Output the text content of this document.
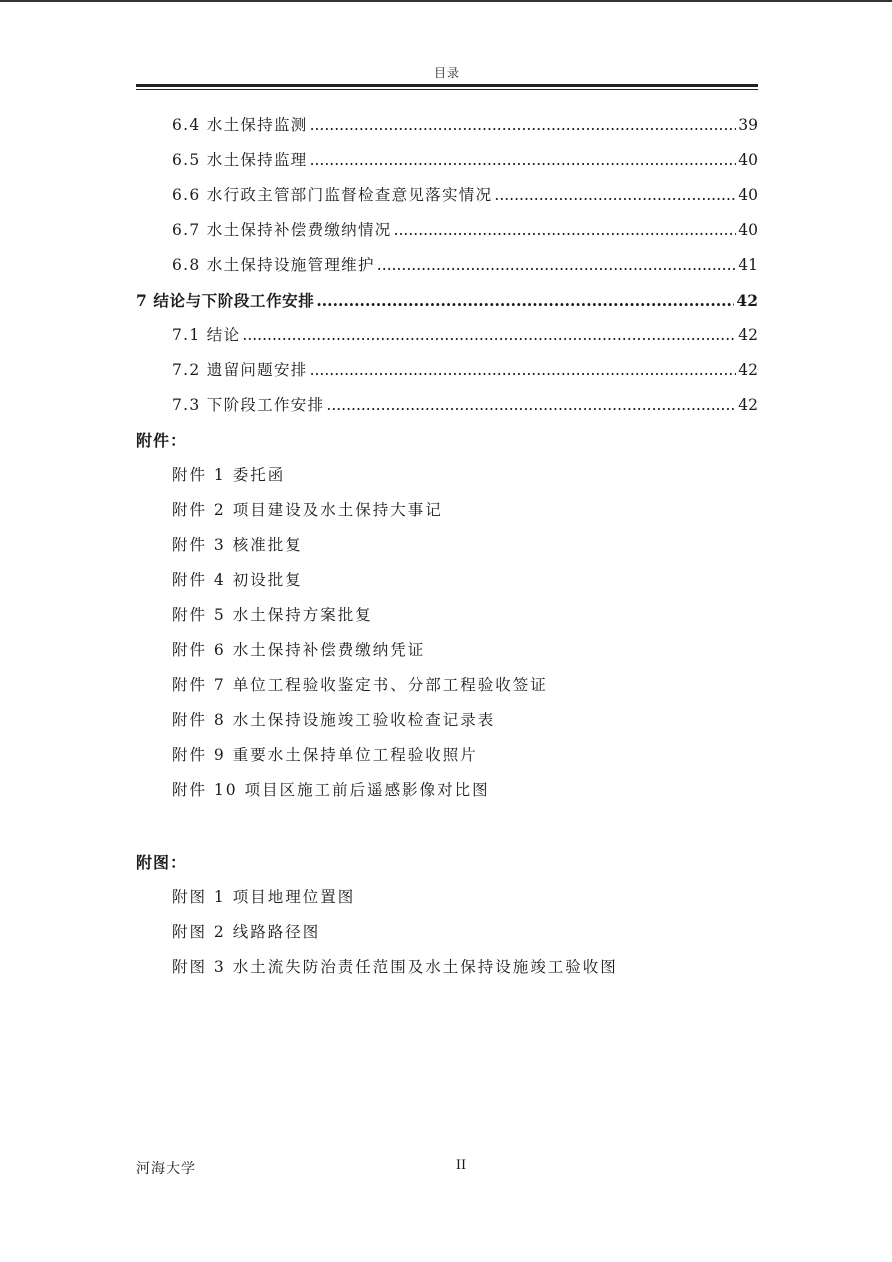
目录
6.4 水土保持监测 .....	39
6.5 水土保持监理 .....	40
6.6 水行政主管部门监督检查意见落实情况 .....	40
6.7 水土保持补偿费缴纳情况 .....	40
6.8 水土保持设施管理维护 .....	41
7 结论与下阶段工作安排 .....	42
7.1 结论 .....	42
7.2 遗留问题安排 .....	42
7.3 下阶段工作安排 .....	42
附件：
附件 1 委托函
附件 2 项目建设及水土保持大事记
附件 3 核准批复
附件 4 初设批复
附件 5 水土保持方案批复
附件 6 水土保持补偿费缴纳凭证
附件 7 单位工程验收鉴定书、分部工程验收签证
附件 8 水土保持设施竣工验收检查记录表
附件 9 重要水土保持单位工程验收照片
附件 10 项目区施工前后遥感影像对比图
附图：
附图 1 项目地理位置图
附图 2 线路路径图
附图 3 水土流失防治责任范围及水土保持设施竣工验收图
河海大学	II
